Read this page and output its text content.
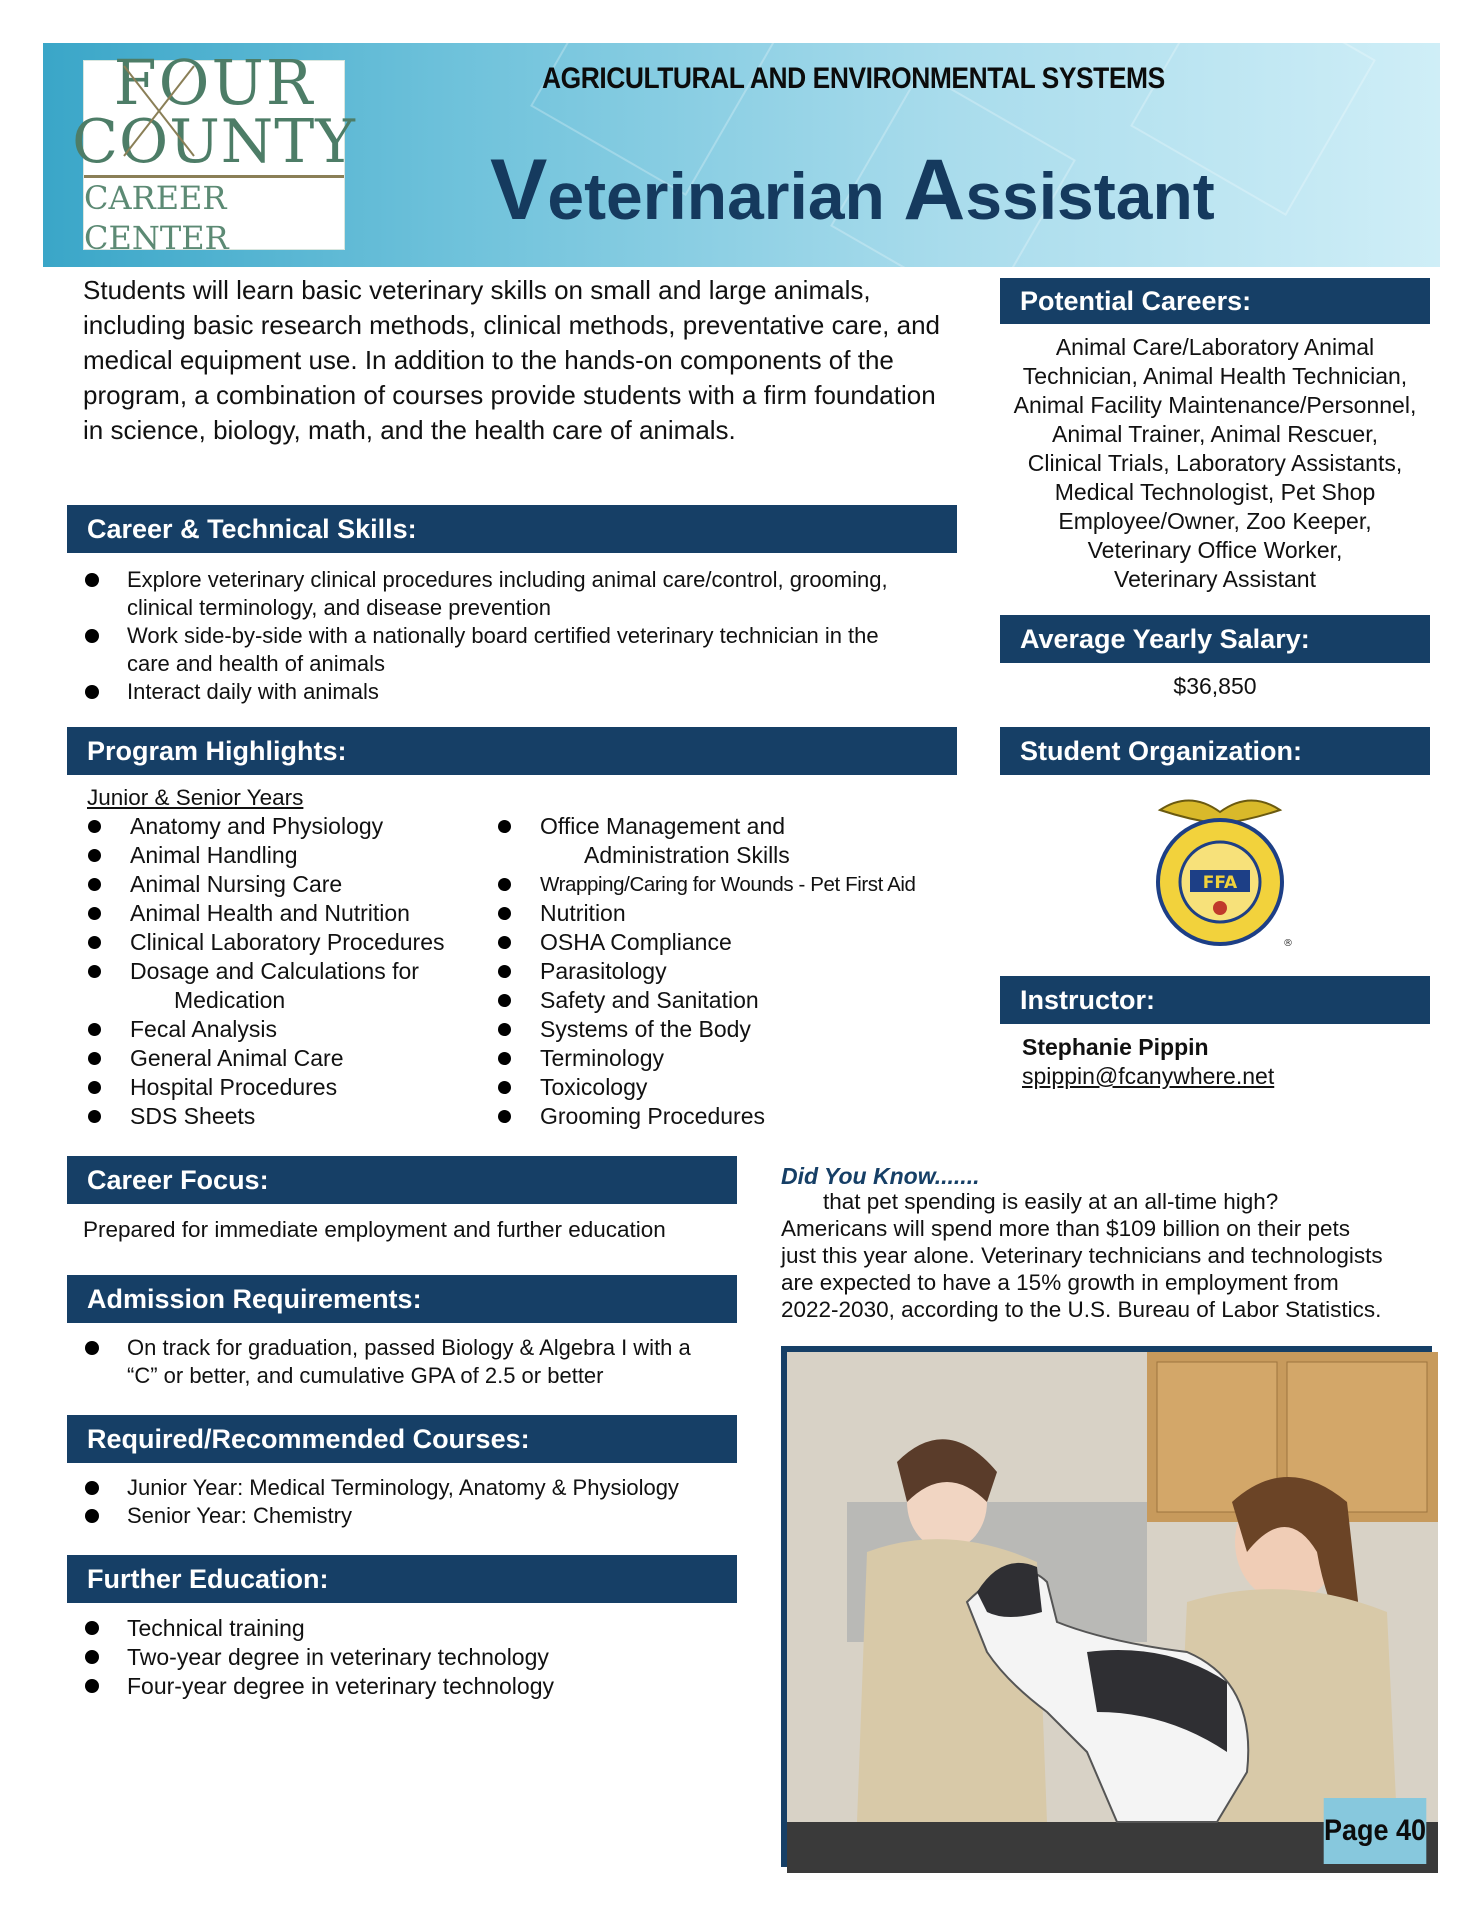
FOUR
COUNTY
CAREER CENTER
AGRICULTURAL AND ENVIRONMENTAL SYSTEMS
Veterinarian Assistant
Students will learn basic veterinary skills on small and large animals, including basic research methods, clinical methods, preventative care, and medical equipment use. In addition to the hands-on components of the program, a combination of courses provide students with a firm foundation in science, biology, math, and the health care of animals.
Career & Technical Skills:
Explore veterinary clinical procedures including animal care/control, grooming, clinical terminology, and disease prevention
Work side-by-side with a nationally board certified veterinary technician in the care and health of animals
Interact daily with animals
Program Highlights:
Junior & Senior Years
Anatomy and Physiology
Animal Handling
Animal Nursing Care
Animal Health and Nutrition
Clinical Laboratory Procedures
Dosage and Calculations for
Medication
Fecal Analysis
General Animal Care
Hospital Procedures
SDS Sheets
Office Management and
Administration Skills
Wrapping/Caring for Wounds - Pet First Aid
Nutrition
OSHA Compliance
Parasitology
Safety and Sanitation
Systems of the Body
Terminology
Toxicology
Grooming Procedures
Potential Careers:
Animal Care/Laboratory Animal
Technician, Animal Health Technician,
Animal Facility Maintenance/Personnel,
Animal Trainer, Animal Rescuer,
Clinical Trials, Laboratory Assistants,
Medical Technologist, Pet Shop
Employee/Owner, Zoo Keeper,
Veterinary Office Worker,
Veterinary Assistant
Average Yearly Salary:
$36,850
Student Organization:
FFA
®
Instructor:
Stephanie Pippin
spippin@fcanywhere.net
Career Focus:
Prepared for immediate employment and further education
Did You Know.......
that pet spending is easily at an all-time high?
Americans will spend more than $109 billion on their pets
just this year alone. Veterinary technicians and technologists
are expected to have a 15% growth in employment from
2022-2030, according to the U.S. Bureau of Labor Statistics.
Admission Requirements:
On track for graduation, passed Biology & Algebra I with a “C” or better, and cumulative GPA of 2.5 or better
Required/Recommended Courses:
Junior Year: Medical Terminology, Anatomy & Physiology
Senior Year: Chemistry
Further Education:
Technical training
Two-year degree in veterinary technology
Four-year degree in veterinary technology
Page 40
